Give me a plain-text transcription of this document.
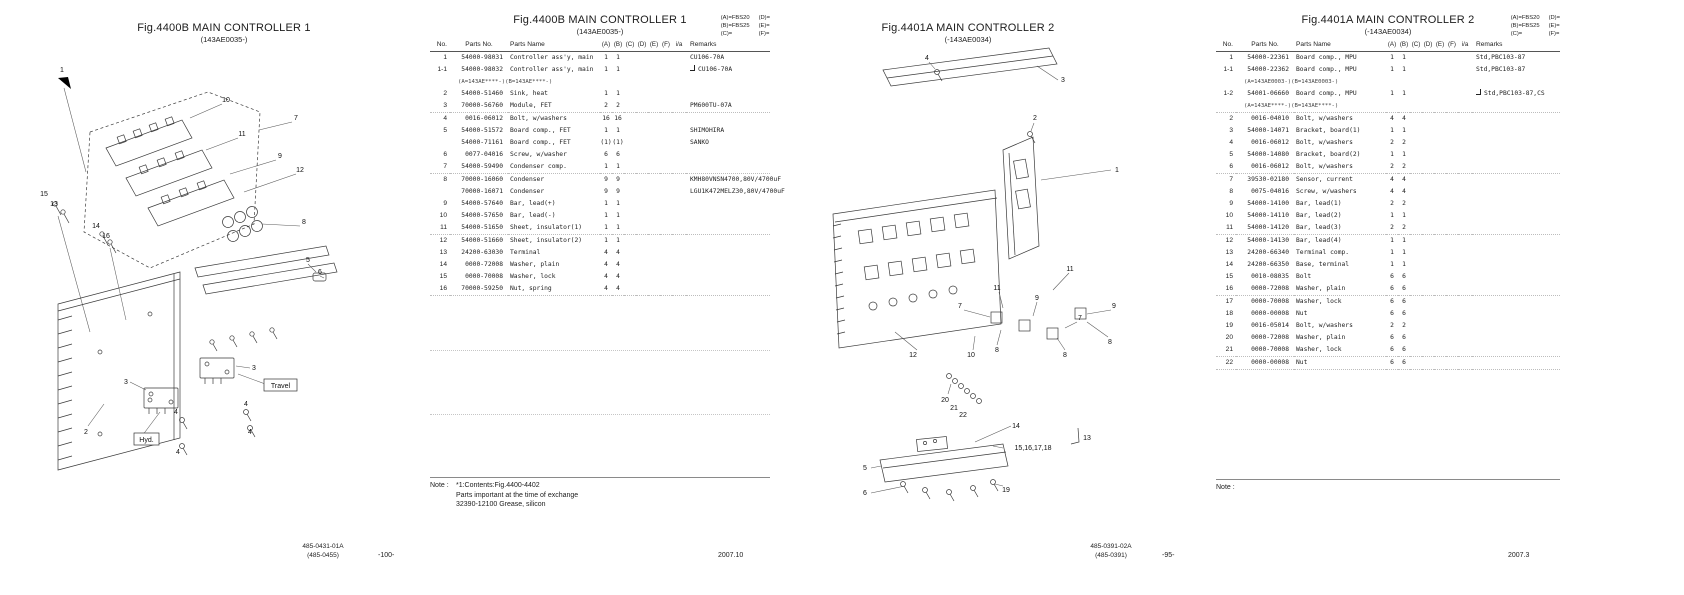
Fig.4400B MAIN CONTROLLER 1
(143AE0035-)
1
10
7
11
9
12
8
15
13
14
16
5
6
2
3
3
4
4
4
4
Travel
Hyd.
Fig.4400B MAIN CONTROLLER 1
(143AE0035-)
(A)=FBS20
(B)=FBS25
(C)=
(D)=
(E)=
(F)=
No.	Parts No.	Parts Name	(A)	(B)	(C)	(D)	(E)	(F)	i/a	Remarks
1	54000-98031	Controller ass'y, main	1	1						CU106-70A
1-1	54000-98032	Controller ass'y, main	1	1						CU106-70A
(A=143AE****-)(B=143AE****-)										
2	54000-51460	Sink, heat	1	1						
3	70000-56760	Module, FET	2	2						PM600TU-07A
4	0016-06012	Bolt, w/washers	16	16						
5	54000-51572	Board comp., FET	1	1						SHIMOHIRA
	54000-71161	Board comp., FET	(1)	(1)						SANKO
6	0077-04016	Screw, w/washer	6	6						
7	54000-59490	Condenser comp.	1	1						
8	70000-16060	Condenser	9	9						KMH80VNSN4700,80V/4700uF
	70000-16071	Condenser	9	9						LGU1K472MELZ30,80V/4700uF
9	54000-57640	Bar, lead(+)	1	1						
10	54000-57650	Bar, lead(-)	1	1						
11	54000-51650	Sheet, insulator(1)	1	1						
12	54000-51660	Sheet, insulator(2)	1	1						
13	24200-63030	Terminal	4	4						
14	0000-72008	Washer, plain	4	4						
15	0000-70008	Washer, lock	4	4						
16	70000-59250	Nut, spring	4	4						
Note :	*1:Contents:Fig.4400-4402
Parts important at the time of exchange
32390-12100 Grease, silicon
485-0431-01A
(485-0455)	-100-	2007.10
Fig.4401A MAIN CONTROLLER 2
(-143AE0034)
4
3
2
1
11
11
9
9
7
7
8
8
8
10
12
20
21
22
14
13
15,16,17,18
19
5
6
Fig.4401A MAIN CONTROLLER 2
(-143AE0034)
(A)=FBS20
(B)=FBS25
(C)=
(D)=
(E)=
(F)=
No.	Parts No.	Parts Name	(A)	(B)	(C)	(D)	(E)	(F)	i/a	Remarks
1	54000-22361	Board comp., MPU	1	1						Std,PBC103-87
1-1	54000-22362	Board comp., MPU	1	1						Std,PBC103-87
(A=143AE0003-)(B=143AE0003-)										
1-2	54001-06660	Board comp., MPU	1	1						Std,PBC103-87,CS
(A=143AE****-)(B=143AE****-)										
2	0016-04010	Bolt, w/washers	4	4						
3	54000-14071	Bracket, board(1)	1	1						
4	0016-06012	Bolt, w/washers	2	2						
5	54000-14080	Bracket, board(2)	1	1						
6	0016-06012	Bolt, w/washers	2	2						
7	39530-02180	Sensor, current	4	4						
8	0075-04016	Screw, w/washers	4	4						
9	54000-14100	Bar, lead(1)	2	2						
10	54000-14110	Bar, lead(2)	1	1						
11	54000-14120	Bar, lead(3)	2	2						
12	54000-14130	Bar, lead(4)	1	1						
13	24200-66340	Terminal comp.	1	1						
14	24200-66350	Base, terminal	1	1						
15	0010-08035	Bolt	6	6						
16	0000-72008	Washer, plain	6	6						
17	0000-70008	Washer, lock	6	6						
18	0000-00008	Nut	6	6						
19	0016-05014	Bolt, w/washers	2	2						
20	0000-72008	Washer, plain	6	6						
21	0000-70008	Washer, lock	6	6						
22	0000-00008	Nut	6	6						
Note :
485-0391-02A
(485-0391)	-95-	2007.3
